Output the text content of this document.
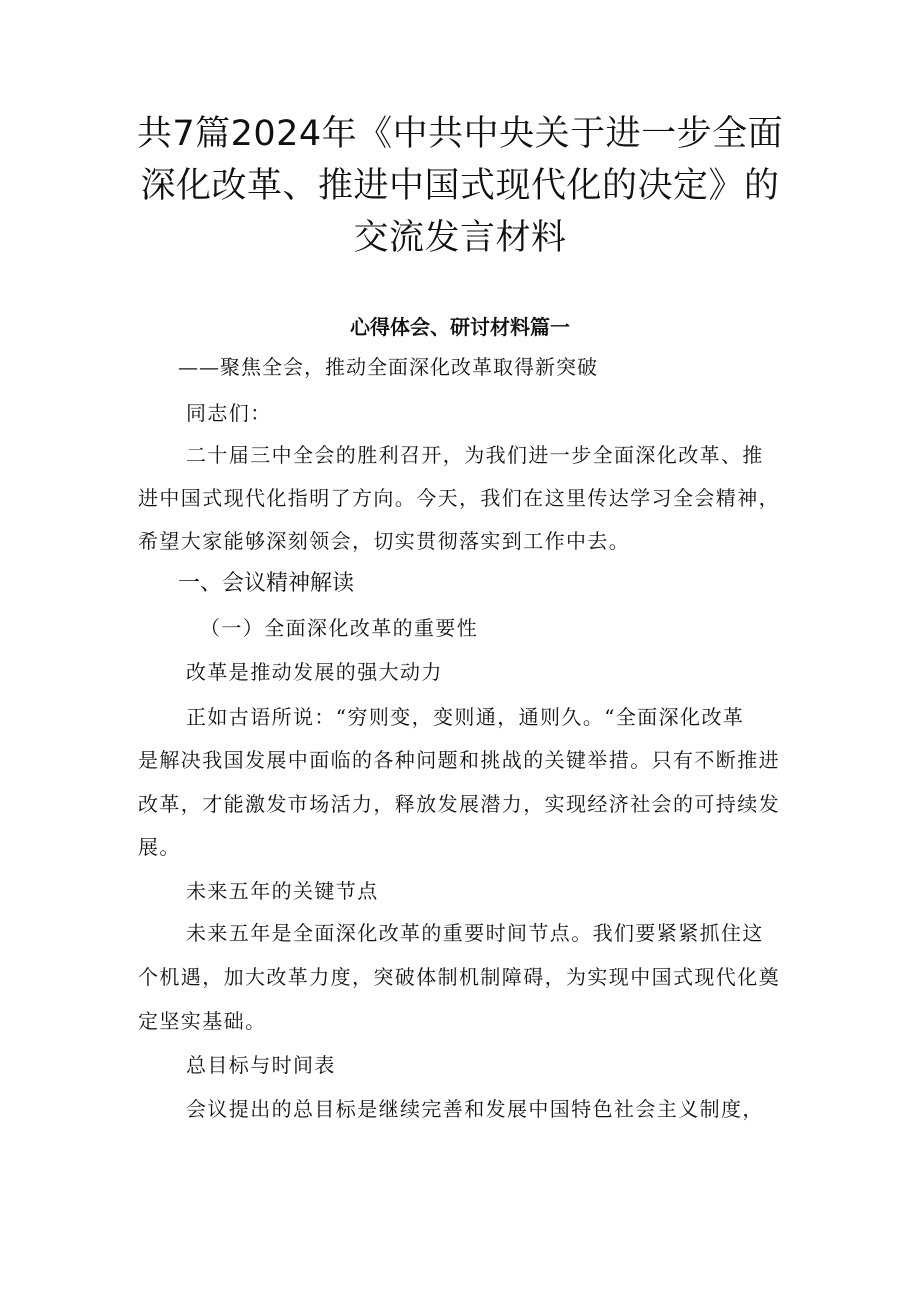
共7篇2024年《中共中央关于进一步全面
深化改革、推进中国式现代化的决定》的
交流发言材料
心得体会、研讨材料篇一
——聚焦全会，推动全面深化改革取得新突破
同志们：
二十届三中全会的胜利召开，为我们进一步全面深化改革、推
进中国式现代化指明了方向。今天，我们在这里传达学习全会精神，
希望大家能够深刻领会，切实贯彻落实到工作中去。
一、会议精神解读
（一）全面深化改革的重要性
改革是推动发展的强大动力
正如古语所说：“穷则变，变则通，通则久。“全面深化改革
是解决我国发展中面临的各种问题和挑战的关键举措。只有不断推进
改革，才能激发市场活力，释放发展潜力，实现经济社会的可持续发
展。
未来五年的关键节点
未来五年是全面深化改革的重要时间节点。我们要紧紧抓住这
个机遇，加大改革力度，突破体制机制障碍，为实现中国式现代化奠
定坚实基础。
总目标与时间表
会议提出的总目标是继续完善和发展中国特色社会主义制度，
